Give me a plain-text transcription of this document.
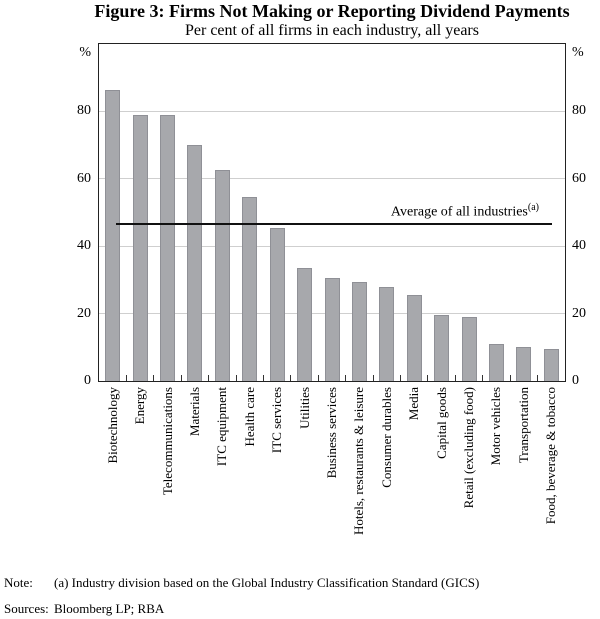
Figure 3: Firms Not Making or Reporting Dividend Payments
Per cent of all firms in each industry, all years
%	%
Average of all industries$^{(a)}$
Note: (a) Industry division based on the Global Industry Classification Standard (GICS)
Sources: Bloomberg LP; RBA
0	0
20	20
40	40
60	60
80	80
Biotechnology Energy Telecommunications Materials ITC equipment Health care ITC services Utilities Business services Hotels, restaurants & leisure Consumer durables Media Capital goods Retail (excluding food) Motor vehicles Transportation Food, beverage & tobacco
